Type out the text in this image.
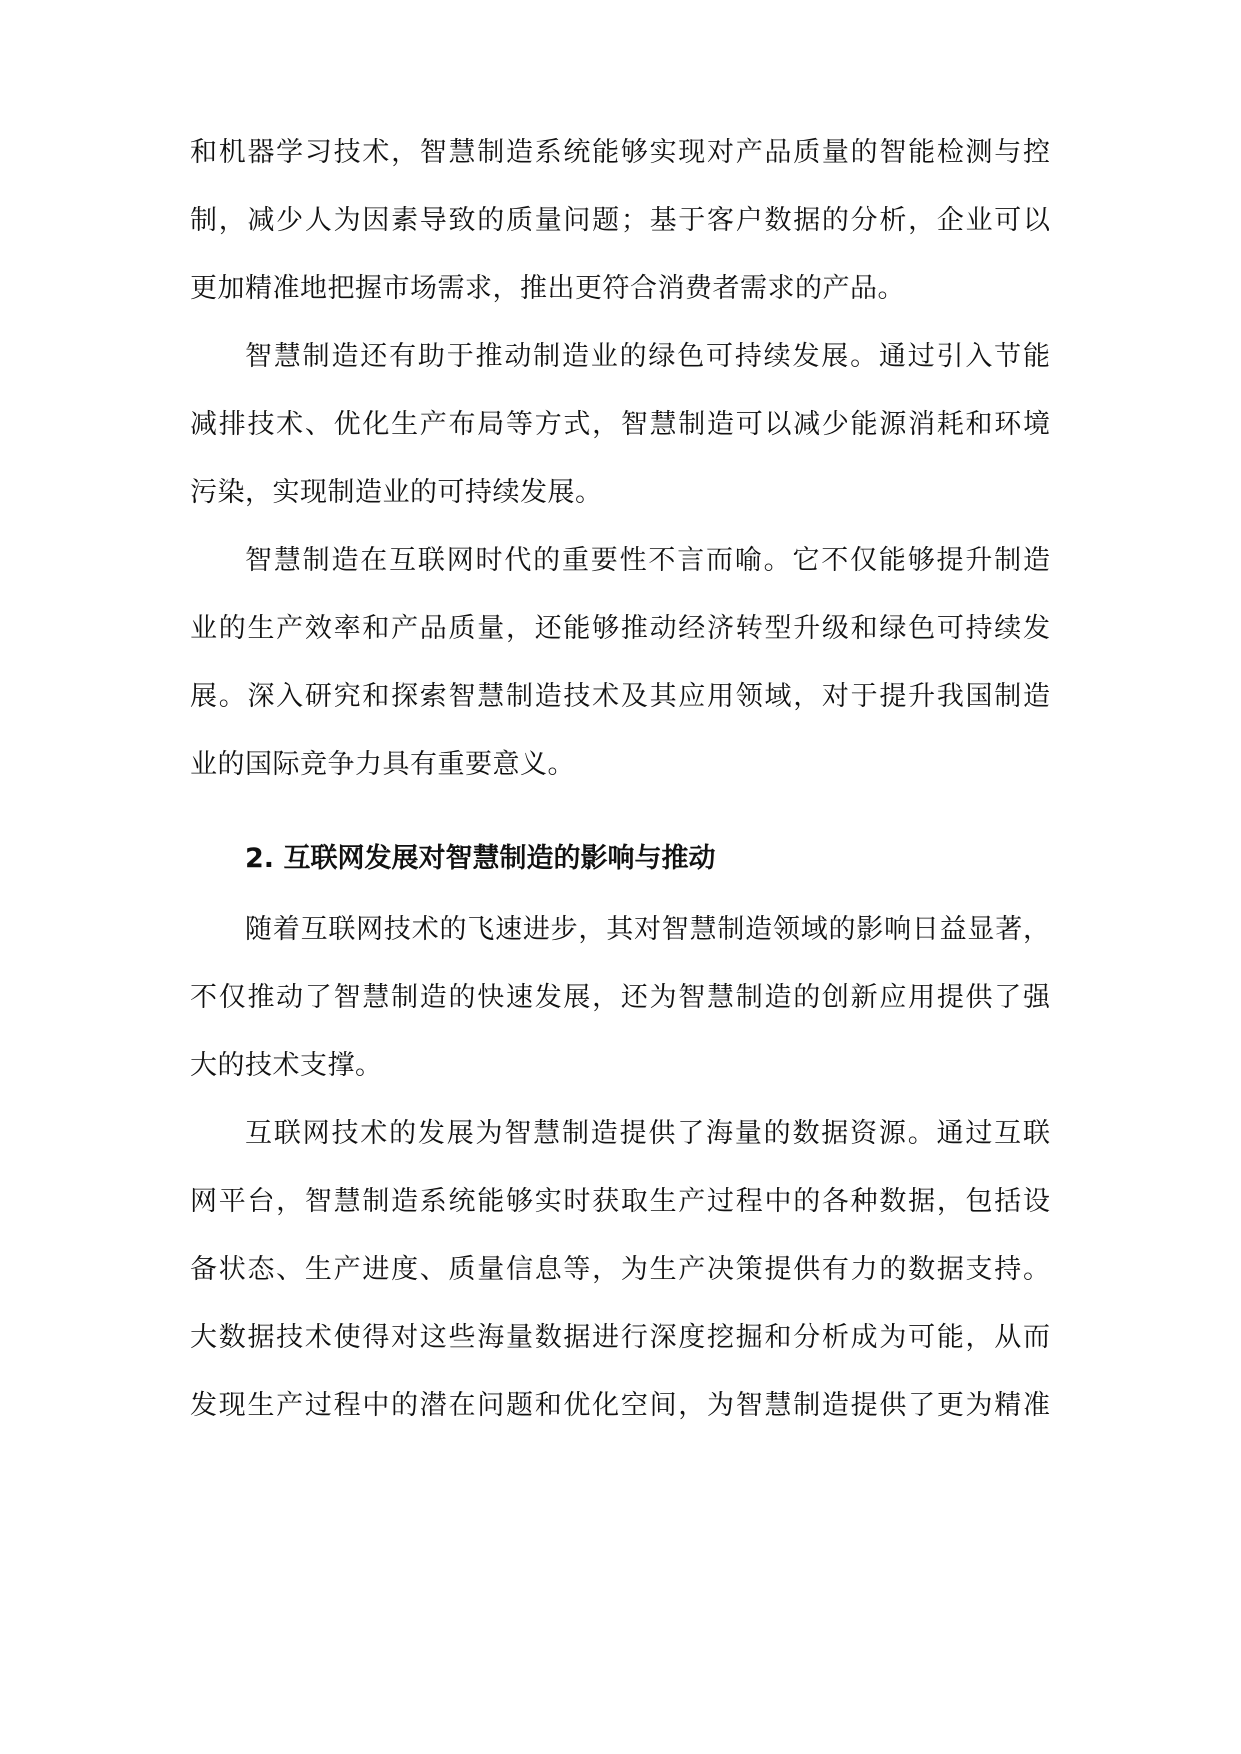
和机器学习技术，智慧制造系统能够实现对产品质量的智能检测与控
制，减少人为因素导致的质量问题；基于客户数据的分析，企业可以
更加精准地把握市场需求，推出更符合消费者需求的产品。
智慧制造还有助于推动制造业的绿色可持续发展。通过引入节能
减排技术、优化生产布局等方式，智慧制造可以减少能源消耗和环境
污染，实现制造业的可持续发展。
智慧制造在互联网时代的重要性不言而喻。它不仅能够提升制造
业的生产效率和产品质量，还能够推动经济转型升级和绿色可持续发
展。深入研究和探索智慧制造技术及其应用领域，对于提升我国制造
业的国际竞争力具有重要意义。
2. 互联网发展对智慧制造的影响与推动
随着互联网技术的飞速进步，其对智慧制造领域的影响日益显著，
不仅推动了智慧制造的快速发展，还为智慧制造的创新应用提供了强
大的技术支撑。
互联网技术的发展为智慧制造提供了海量的数据资源。通过互联
网平台，智慧制造系统能够实时获取生产过程中的各种数据，包括设
备状态、生产进度、质量信息等，为生产决策提供有力的数据支持。
大数据技术使得对这些海量数据进行深度挖掘和分析成为可能，从而
发现生产过程中的潜在问题和优化空间，为智慧制造提供了更为精准
